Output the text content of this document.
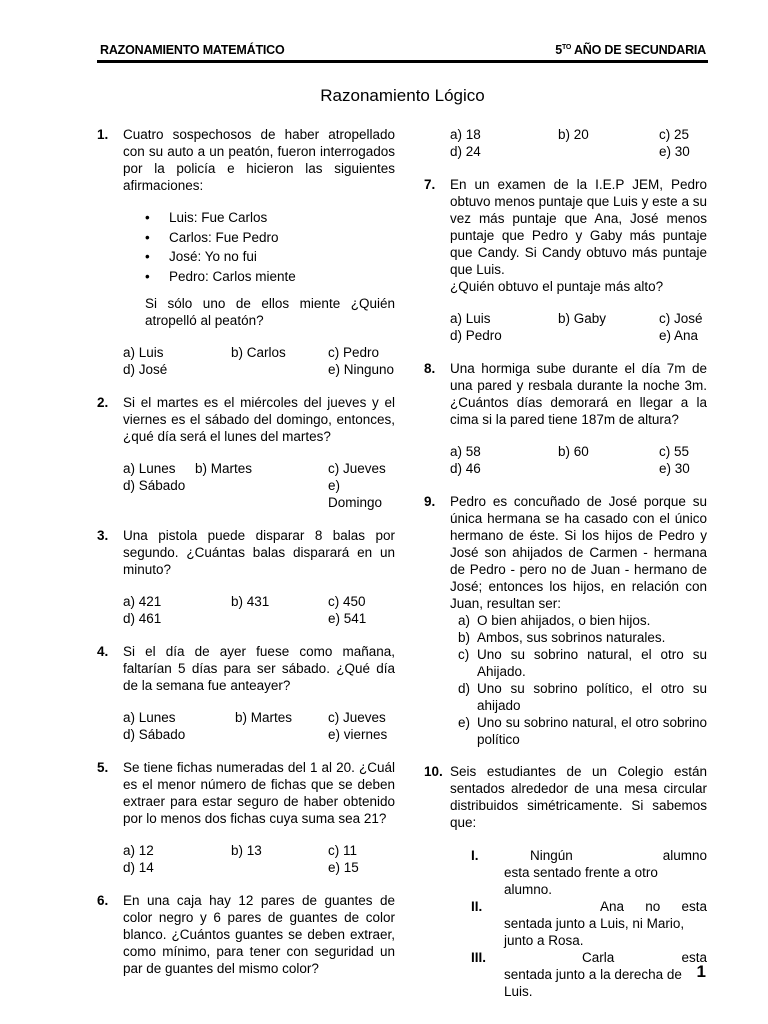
RAZONAMIENTO MATEMÁTICO	$5^{TO}$ AÑO DE SECUNDARIA
Razonamiento Lógico
1. Cuatro sospechosos de haber atropellado con su auto a un peatón, fueron interrogados por la policía e hicieron las siguientes afirmaciones:
• Luis: Fue Carlos
• Carlos: Fue Pedro
• José: Yo no fui
• Pedro: Carlos miente
Si sólo uno de ellos miente ¿Quién atropelló al peatón?
a) Luis	b) Carlos	c) Pedro
d) José	e) Ninguno
2. Si el martes es el miércoles del jueves y el viernes es el sábado del domingo, entonces, ¿qué día será el lunes del martes?
a) Lunes	b) Martes	c) Jueves
d) Sábado	e) Domingo
3. Una pistola puede disparar 8 balas por segundo. ¿Cuántas balas disparará en un minuto?
a) 421	b) 431	c) 450
d) 461	e) 541
4. Si el día de ayer fuese como mañana, faltarían 5 días para ser sábado. ¿Qué día de la semana fue anteayer?
a) Lunes	b) Martes	c) Jueves
d) Sábado	e) viernes
5. Se tiene fichas numeradas del 1 al 20. ¿Cuál es el menor número de fichas que se deben extraer para estar seguro de haber obtenido por lo menos dos fichas cuya suma sea 21?
a) 12	b) 13	c) 11
d) 14	e) 15
6. En una caja hay 12 pares de guantes de color negro y 6 pares de guantes de color blanco. ¿Cuántos guantes se deben extraer, como mínimo, para tener con seguridad un par de guantes del mismo color?
a) 18	b) 20	c) 25
d) 24	e) 30
7. En un examen de la I.E.P JEM, Pedro obtuvo menos puntaje que Luis y este a su vez más puntaje que Ana, José menos puntaje que Pedro y Gaby más puntaje que Candy. Si Candy obtuvo más puntaje que Luis.
¿Quién obtuvo el puntaje más alto?
a) Luis	b) Gaby	c) José
d) Pedro	e) Ana
8. Una hormiga sube durante el día 7m de una pared y resbala durante la noche 3m. ¿Cuántos días demorará en llegar a la cima si la pared tiene 187m de altura?
a) 58	b) 60	c) 55
d) 46	e) 30
9. Pedro es concuñado de José porque su única hermana se ha casado con el único hermano de éste. Si los hijos de Pedro y José son ahijados de Carmen - hermana de Pedro - pero no de Juan - hermano de José; entonces los hijos, en relación con Juan, resultan ser:
a) O bien ahijados, o bien hijos.
b) Ambos, sus sobrinos naturales.
c) Uno su sobrino natural, el otro su Ahijado.
d) Uno su sobrino político, el otro su ahijado
e) Uno su sobrino natural, el otro sobrino político
10. Seis estudiantes de un Colegio están sentados alrededor de una mesa circular distribuidos simétricamente. Si sabemos que:
I.	Ningún alumno
esta sentado frente a otro alumno.
II.	Ana no esta
sentada junto a Luis, ni Mario, junto a Rosa.
III.	Carla esta
sentada junto a la derecha de Luis.
1
